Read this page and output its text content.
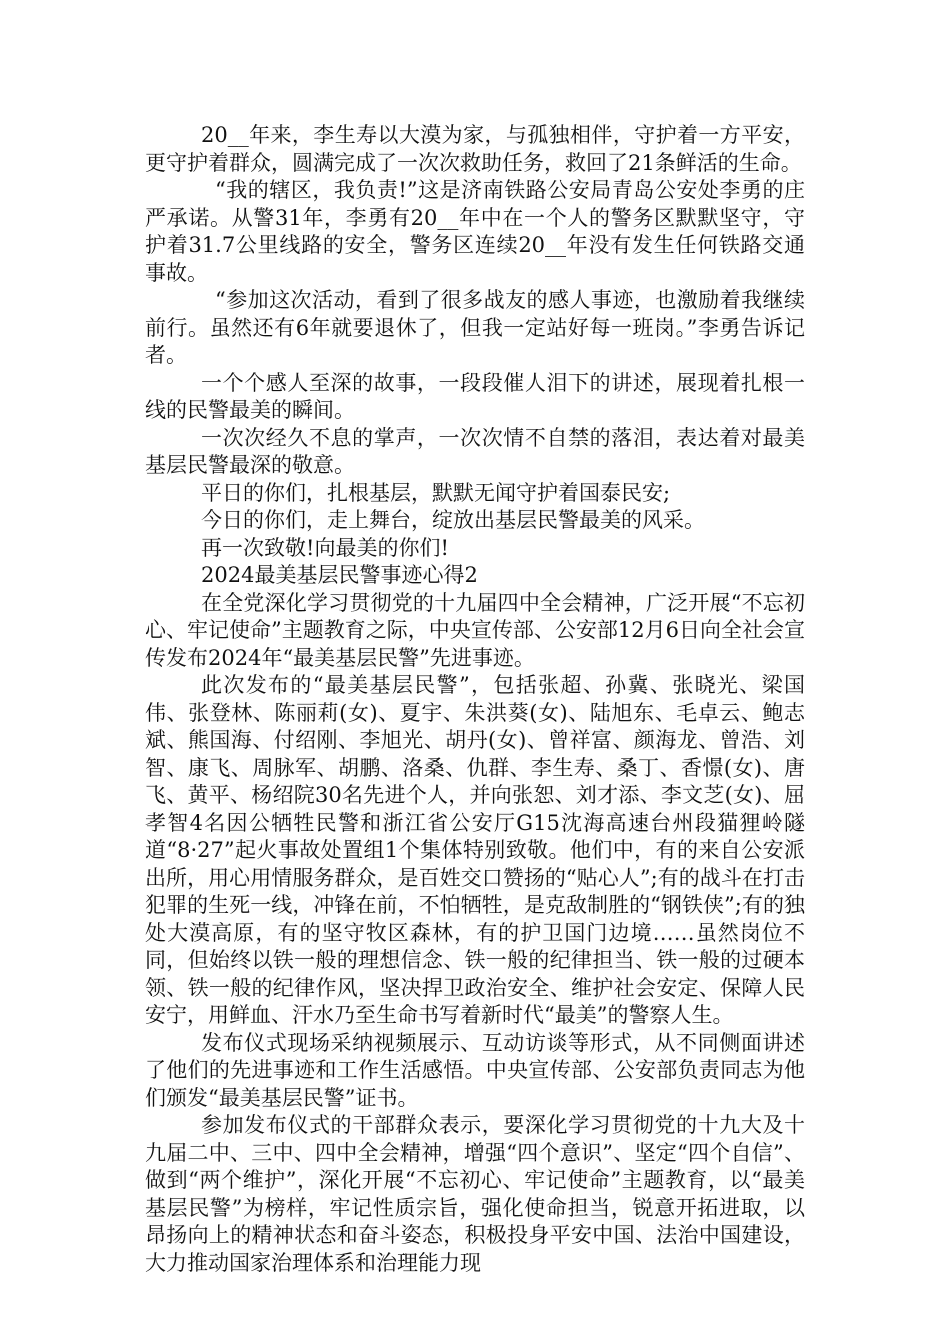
20__年来，李生寿以大漠为家，与孤独相伴，守护着一方平安，更守护着群众，圆满完成了一次次救助任务，救回了21条鲜活的生命。

“我的辖区，我负责!”这是济南铁路公安局青岛公安处李勇的庄严承诺。从警31年，李勇有20__年中在一个人的警务区默默坚守，守护着31.7公里线路的安全，警务区连续20__年没有发生任何铁路交通事故。

“参加这次活动，看到了很多战友的感人事迹，也激励着我继续前行。虽然还有6年就要退休了，但我一定站好每一班岗。”李勇告诉记者。

一个个感人至深的故事，一段段催人泪下的讲述，展现着扎根一线的民警最美的瞬间。

一次次经久不息的掌声，一次次情不自禁的落泪，表达着对最美基层民警最深的敬意。

平日的你们，扎根基层，默默无闻守护着国泰民安;

今日的你们，走上舞台，绽放出基层民警最美的风采。

再一次致敬!向最美的你们!

2024最美基层民警事迹心得2

在全党深化学习贯彻党的十九届四中全会精神，广泛开展“不忘初心、牢记使命”主题教育之际，中央宣传部、公安部12月6日向全社会宣传发布2024年“最美基层民警”先进事迹。

此次发布的“最美基层民警”，包括张超、孙冀、张晓光、梁国伟、张登林、陈丽莉(女)、夏宇、朱洪葵(女)、陆旭东、毛卓云、鲍志斌、熊国海、付绍刚、李旭光、胡丹(女)、曾祥富、颜海龙、曾浩、刘智、康飞、周脉军、胡鹏、洛桑、仇群、李生寿、桑丁、香憬(女)、唐飞、黄平、杨绍院30名先进个人，并向张恕、刘才添、李文芝(女)、屈孝智4名因公牺牲民警和浙江省公安厅G15沈海高速台州段猫狸岭隧道“8·27”起火事故处置组1个集体特别致敬。他们中，有的来自公安派出所，用心用情服务群众，是百姓交口赞扬的“贴心人”;有的战斗在打击犯罪的生死一线，冲锋在前，不怕牺牲，是克敌制胜的“钢铁侠”;有的独处大漠高原，有的坚守牧区森林，有的护卫国门边境……虽然岗位不同，但始终以铁一般的理想信念、铁一般的纪律担当、铁一般的过硬本领、铁一般的纪律作风，坚决捍卫政治安全、维护社会安定、保障人民安宁，用鲜血、汗水乃至生命书写着新时代“最美”的警察人生。

发布仪式现场采纳视频展示、互动访谈等形式，从不同侧面讲述了他们的先进事迹和工作生活感悟。中央宣传部、公安部负责同志为他们颁发“最美基层民警”证书。

参加发布仪式的干部群众表示，要深化学习贯彻党的十九大及十九届二中、三中、四中全会精神，增强“四个意识”、坚定“四个自信”、做到“两个维护”，深化开展“不忘初心、牢记使命”主题教育，以“最美基层民警”为榜样，牢记性质宗旨，强化使命担当，锐意开拓进取，以昂扬向上的精神状态和奋斗姿态，积极投身平安中国、法治中国建设，大力推动国家治理体系和治理能力现
